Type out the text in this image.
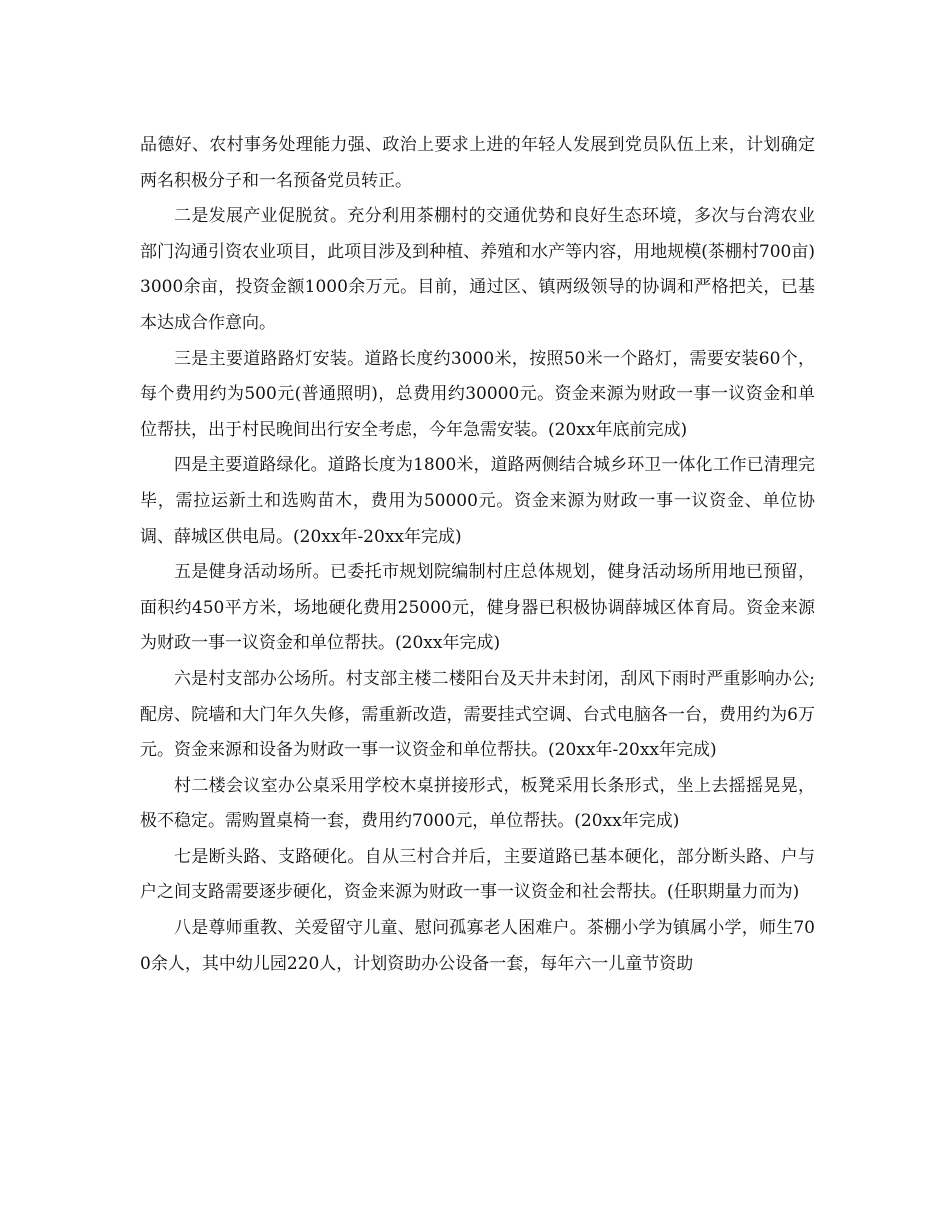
品德好、农村事务处理能力强、政治上要求上进的年轻人发展到党员队伍上来，计划确定两名积极分子和一名预备党员转正。

二是发展产业促脱贫。充分利用茶棚村的交通优势和良好生态环境，多次与台湾农业部门沟通引资农业项目，此项目涉及到种植、养殖和水产等内容，用地规模(茶棚村700亩)3000余亩，投资金额1000余万元。目前，通过区、镇两级领导的协调和严格把关，已基本达成合作意向。

三是主要道路路灯安装。道路长度约3000米，按照50米一个路灯，需要安装60个，每个费用约为500元(普通照明)，总费用约30000元。资金来源为财政一事一议资金和单位帮扶，出于村民晚间出行安全考虑，今年急需安装。(20xx年底前完成)

四是主要道路绿化。道路长度为1800米，道路两侧结合城乡环卫一体化工作已清理完毕，需拉运新土和选购苗木，费用为50000元。资金来源为财政一事一议资金、单位协调、薛城区供电局。(20xx年-20xx年完成)

五是健身活动场所。已委托市规划院编制村庄总体规划，健身活动场所用地已预留，面积约450平方米，场地硬化费用25000元，健身器已积极协调薛城区体育局。资金来源为财政一事一议资金和单位帮扶。(20xx年完成)

六是村支部办公场所。村支部主楼二楼阳台及天井未封闭，刮风下雨时严重影响办公;配房、院墙和大门年久失修，需重新改造，需要挂式空调、台式电脑各一台，费用约为6万元。资金来源和设备为财政一事一议资金和单位帮扶。(20xx年-20xx年完成)

村二楼会议室办公桌采用学校木桌拼接形式，板凳采用长条形式，坐上去摇摇晃晃，极不稳定。需购置桌椅一套，费用约7000元，单位帮扶。(20xx年完成)

七是断头路、支路硬化。自从三村合并后，主要道路已基本硬化，部分断头路、户与户之间支路需要逐步硬化，资金来源为财政一事一议资金和社会帮扶。(任职期量力而为)

八是尊师重教、关爱留守儿童、慰问孤寡老人困难户。茶棚小学为镇属小学，师生700余人，其中幼儿园220人，计划资助办公设备一套，每年六一儿童节资助
